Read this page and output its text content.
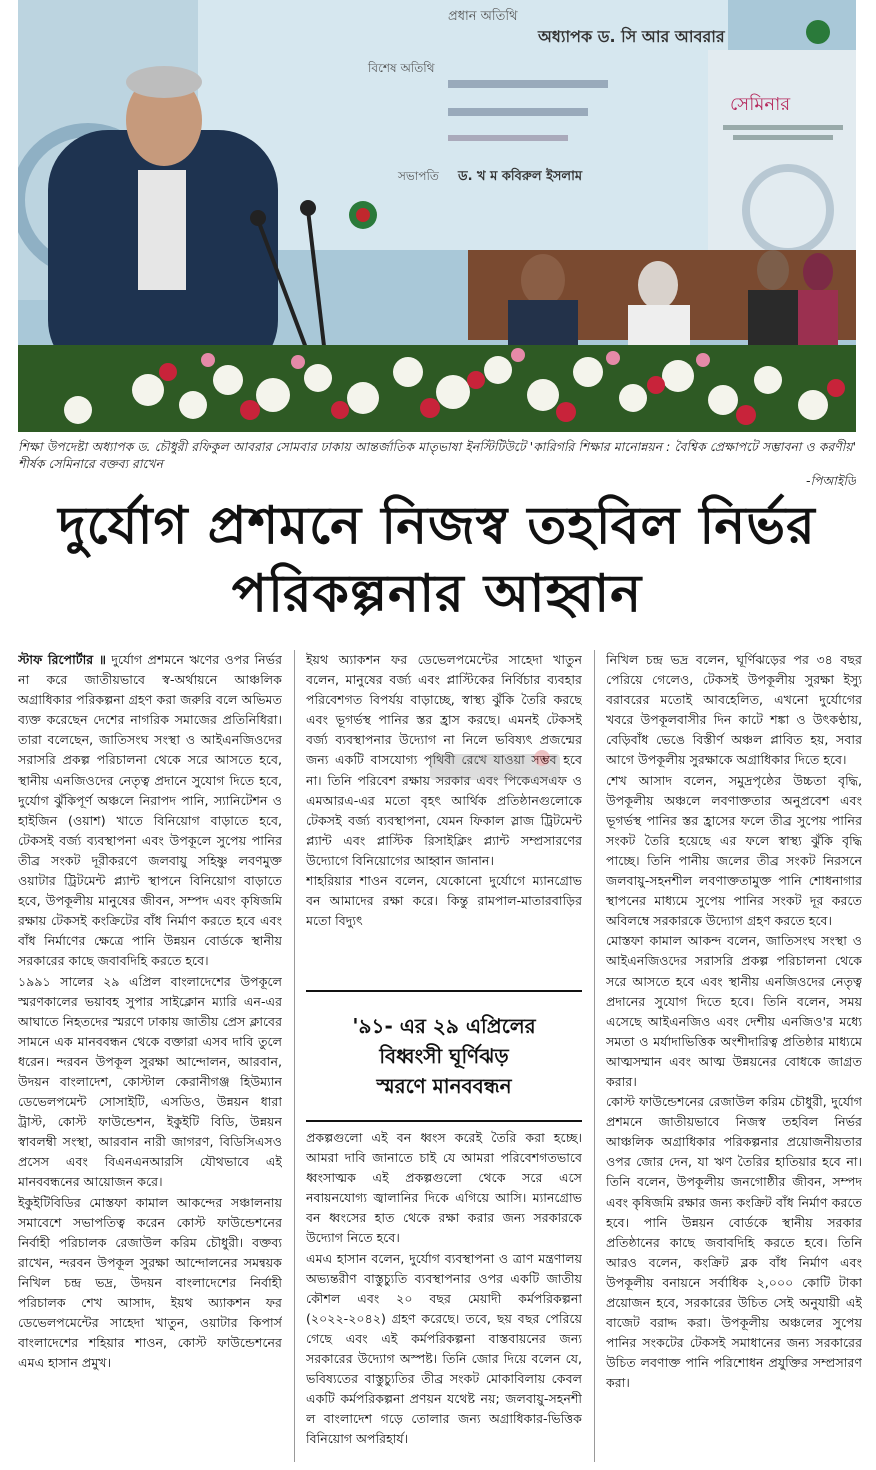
প্রধান অতিথি
অধ্যাপক ড. সি আর আবরার
বিশেষ অতিথি
সভাপতি ড. খ ম কবিরুল ইসলাম
সেমিনার
শিক্ষা উপদেষ্টা অধ্যাপক ড. চৌধুরী রফিকুল আবরার সোমবার ঢাকায় আন্তর্জাতিক মাতৃভাষা ইনস্টিটিউটে 'কারিগরি শিক্ষার মানোন্নয়ন : বৈশ্বিক প্রেক্ষাপটে সম্ভাবনা ও করণীয়' শীর্ষক সেমিনারে বক্তব্য রাখেন
-পিআইডি
দুর্যোগ প্রশমনে নিজস্ব তহবিল নির্ভর
পরিকল্পনার আহ্বান

স্টাফ রিপোর্টার ॥ দুর্যোগ প্রশমনে ঋণের ওপর নির্ভর না করে জাতীয়ভাবে স্ব-অর্থায়নে আঞ্চলিক অগ্রাধিকার পরিকল্পনা গ্রহণ করা জরুরি বলে অভিমত ব্যক্ত করেছেন দেশের নাগরিক সমাজের প্রতিনিধিরা। তারা বলেছেন, জাতিসংঘ সংস্থা ও আইএনজিওদের সরাসরি প্রকল্প পরিচালনা থেকে সরে আসতে হবে, স্থানীয় এনজিওদের নেতৃত্ব প্রদানে সুযোগ দিতে হবে, দুর্যোগ ঝুঁকিপূর্ণ অঞ্চলে নিরাপদ পানি, স্যানিটেশন ও হাইজিন (ওয়াশ) খাতে বিনিয়োগ বাড়াতে হবে, টেকসই বর্জ্য ব্যবস্থাপনা এবং উপকূলে সুপেয় পানির তীব্র সংকট দূরীকরণে জলবায়ু সহিষ্ণু লবণমুক্ত ওয়াটার ট্রিটমেন্ট প্ল্যান্ট স্থাপনে বিনিয়োগ বাড়াতে হবে, উপকূলীয় মানুষের জীবন, সম্পদ এবং কৃষিজমি রক্ষায় টেকসই কংক্রিটের বাঁধ নির্মাণ করতে হবে এবং বাঁধ নির্মাণের ক্ষেত্রে পানি উন্নয়ন বোর্ডকে স্থানীয় সরকারের কাছে জবাবদিহি করতে হবে।

১৯৯১ সালের ২৯ এপ্রিল বাংলাদেশের উপকূলে স্মরণকালের ভয়াবহ সুপার সাইক্লোন ম্যারি এন-এর আঘাতে নিহতদের স্মরণে ঢাকায় জাতীয় প্রেস ক্লাবের সামনে এক মানববন্ধন থেকে বক্তারা এসব দাবি তুলে ধরেন। ন্দরবন উপকূল সুরক্ষা আন্দোলন, আরবান, উদয়ন বাংলাদেশ, কোস্টাল কেরানীগঞ্জ হিউম্যান ডেভেলপমেন্ট সোসাইটি, এসডিও, উন্নয়ন ধারা ট্রাস্ট, কোস্ট ফাউন্ডেশন, ইকুইটি বিডি, উন্নয়ন স্বাবলম্বী সংস্থা, আরবান নারী জাগরণ, বিডিসিএসও প্রসেস এবং বিএনএনআরসি যৌথভাবে এই মানববন্ধনের আয়োজন করে।

ইকুইটিবিডির মোস্তফা কামাল আকন্দের সঞ্চালনায় সমাবেশে সভাপতিত্ব করেন কোস্ট ফাউন্ডেশনের নির্বাহী পরিচালক রেজাউল করিম চৌধুরী। বক্তব্য রাখেন, ন্দরবন উপকূল সুরক্ষা আন্দোলনের সমন্বয়ক নিখিল চন্দ্র ভদ্র, উদয়ন বাংলাদেশের নির্বাহী পরিচালক শেখ আসাদ, ইয়থ অ্যাকশন ফর ডেভেলপমেন্টের সাহেদা খাতুন, ওয়াটার কিপার্স বাংলাদেশের শহিয়ার শাওন, কোস্ট ফাউন্ডেশনের এমএ হাসান প্রমুখ।

ইয়থ অ্যাকশন ফর ডেভেলপমেন্টের সাহেদা খাতুন বলেন, মানুষের বর্জ্য এবং প্লাস্টিকের নির্বিচার ব্যবহার পরিবেশগত বিপর্যয় বাড়াচ্ছে, স্বাস্থ্য ঝুঁকি তৈরি করছে এবং ভূগর্ভস্থ পানির স্তর হ্রাস করছে। এমনই টেকসই বর্জ্য ব্যবস্থাপনার উদ্যোগ না নিলে ভবিষ্যৎ প্রজন্মের জন্য একটি বাসযোগ্য পৃথিবী রেখে যাওয়া সম্ভব হবে না। তিনি পরিবেশ রক্ষায় সরকার এবং পিকেএসএফ ও এমআরএ-এর মতো বৃহৎ আর্থিক প্রতিষ্ঠানগুলোকে টেকসই বর্জ্য ব্যবস্থাপনা, যেমন ফিকাল স্লাজ ট্রিটমেন্ট প্ল্যান্ট এবং প্লাস্টিক রিসাইক্লিং প্ল্যান্ট সম্প্রসারণের উদ্যোগে বিনিয়োগের আহ্বান জানান।

শাহরিয়ার শাওন বলেন, যেকোনো দুর্যোগে ম্যানগ্রোভ বন আমাদের রক্ষা করে। কিন্তু রামপাল-মাতারবাড়ির মতো বিদ্যুৎ

'৯১- এর ২৯ এপ্রিলের
বিধ্বংসী ঘূর্ণিঝড়
স্মরণে মানববন্ধন

প্রকল্পগুলো এই বন ধ্বংস করেই তৈরি করা হচ্ছে। আমরা দাবি জানাতে চাই যে আমরা পরিবেশগতভাবে ধ্বংসাত্মক এই প্রকল্পগুলো থেকে সরে এসে নবায়নযোগ্য জ্বালানির দিকে এগিয়ে আসি। ম্যানগ্রোভ বন ধ্বংসের হাত থেকে রক্ষা করার জন্য সরকারকে উদ্যোগ নিতে হবে।

এমএ হাসান বলেন, দুর্যোগ ব্যবস্থাপনা ও ত্রাণ মন্ত্রণালয় অভ্যন্তরীণ বাস্তুচ্যুতি ব্যবস্থাপনার ওপর একটি জাতীয় কৌশল এবং ২০ বছর মেয়াদী কর্মপরিকল্পনা (২০২২-২০৪২) গ্রহণ করেছে। তবে, ছয় বছর পেরিয়ে গেছে এবং এই কর্মপরিকল্পনা বাস্তবায়নের জন্য সরকারের উদ্যোগ অস্পষ্ট। তিনি জোর দিয়ে বলেন যে, ভবিষ্যতের বাস্তুচ্যুতির তীব্র সংকট মোকাবিলায় কেবল একটি কর্মপরিকল্পনা প্রণয়ন যথেষ্ট নয়; জলবায়ু-সহনশী ল বাংলাদেশ গড়ে তোলার জন্য অগ্রাধিকার-ভিত্তিক বিনিয়োগ অপরিহার্য।

নিখিল চন্দ্র ভদ্র বলেন, ঘূর্ণিঝড়ের পর ৩৪ বছর পেরিয়ে গেলেও, টেকসই উপকূলীয় সুরক্ষা ইস্যু বরাবরের মতোই আবহেলিত, এখনো দুর্যোগের খবরে উপকূলবাসীর দিন কাটে শঙ্কা ও উৎকণ্ঠায়, বেড়িবাঁধ ভেঙে বিস্তীর্ণ অঞ্চল প্লাবিত হয়, সবার আগে উপকূলীয় সুরক্ষাকে অগ্রাধিকার দিতে হবে।

শেখ আসাদ বলেন, সমুদ্রপৃষ্ঠের উচ্চতা বৃদ্ধি, উপকূলীয় অঞ্চলে লবণাক্ততার অনুপ্রবেশ এবং ভূগর্ভস্থ পানির স্তর হ্রাসের ফলে তীব্র সুপেয় পানির সংকট তৈরি হয়েছে এর ফলে স্বাস্থ্য ঝুঁকি বৃদ্ধি পাচ্ছে। তিনি পানীয় জলের তীব্র সংকট নিরসনে জলবায়ু-সহনশীল লবণাক্ততামুক্ত পানি শোধনাগার স্থাপনের মাধ্যমে সুপেয় পানির সংকট দূর করতে অবিলম্বে সরকারকে উদ্যোগ গ্রহণ করতে হবে।

মোস্তফা কামাল আকন্দ বলেন, জাতিসংঘ সংস্থা ও আইএনজিওদের সরাসরি প্রকল্প পরিচালনা থেকে সরে আসতে হবে এবং স্থানীয় এনজিওদের নেতৃত্ব প্রদানের সুযোগ দিতে হবে। তিনি বলেন, সময় এসেছে আইএনজিও এবং দেশীয় এনজিও'র মধ্যে সমতা ও মর্যাদাভিত্তিক অংশীদারিত্ব প্রতিষ্ঠার মাধ্যমে আত্মসম্মান এবং আত্ম উন্নয়নের বোধকে জাগ্রত করার।

কোস্ট ফাউন্ডেশনের রেজাউল করিম চৌধুরী, দুর্যোগ প্রশমনে জাতীয়ভাবে নিজস্ব তহবিল নির্ভর আঞ্চলিক অগ্রাধিকার পরিকল্পনার প্রয়োজনীয়তার ওপর জোর দেন, যা ঋণ তৈরির হাতিয়ার হবে না। তিনি বলেন, উপকূলীয় জনগোষ্ঠীর জীবন, সম্পদ এবং কৃষিজমি রক্ষার জন্য কংক্রিট বাঁধ নির্মাণ করতে হবে। পানি উন্নয়ন বোর্ডকে স্থানীয় সরকার প্রতিষ্ঠানের কাছে জবাবদিহি করতে হবে। তিনি আরও বলেন, কংক্রিট ব্লক বাঁধ নির্মাণ এবং উপকূলীয় বনায়নে সর্বাধিক ২,০০০ কোটি টাকা প্রয়োজন হবে, সরকারের উচিত সেই অনুযায়ী এই বাজেট বরাদ্দ করা। উপকূলীয় অঞ্চলের সুপেয় পানির সংকটের টেকসই সমাধানের জন্য সরকারের উচিত লবণাক্ত পানি পরিশোধন প্রযুক্তির সম্প্রসারণ করা।
